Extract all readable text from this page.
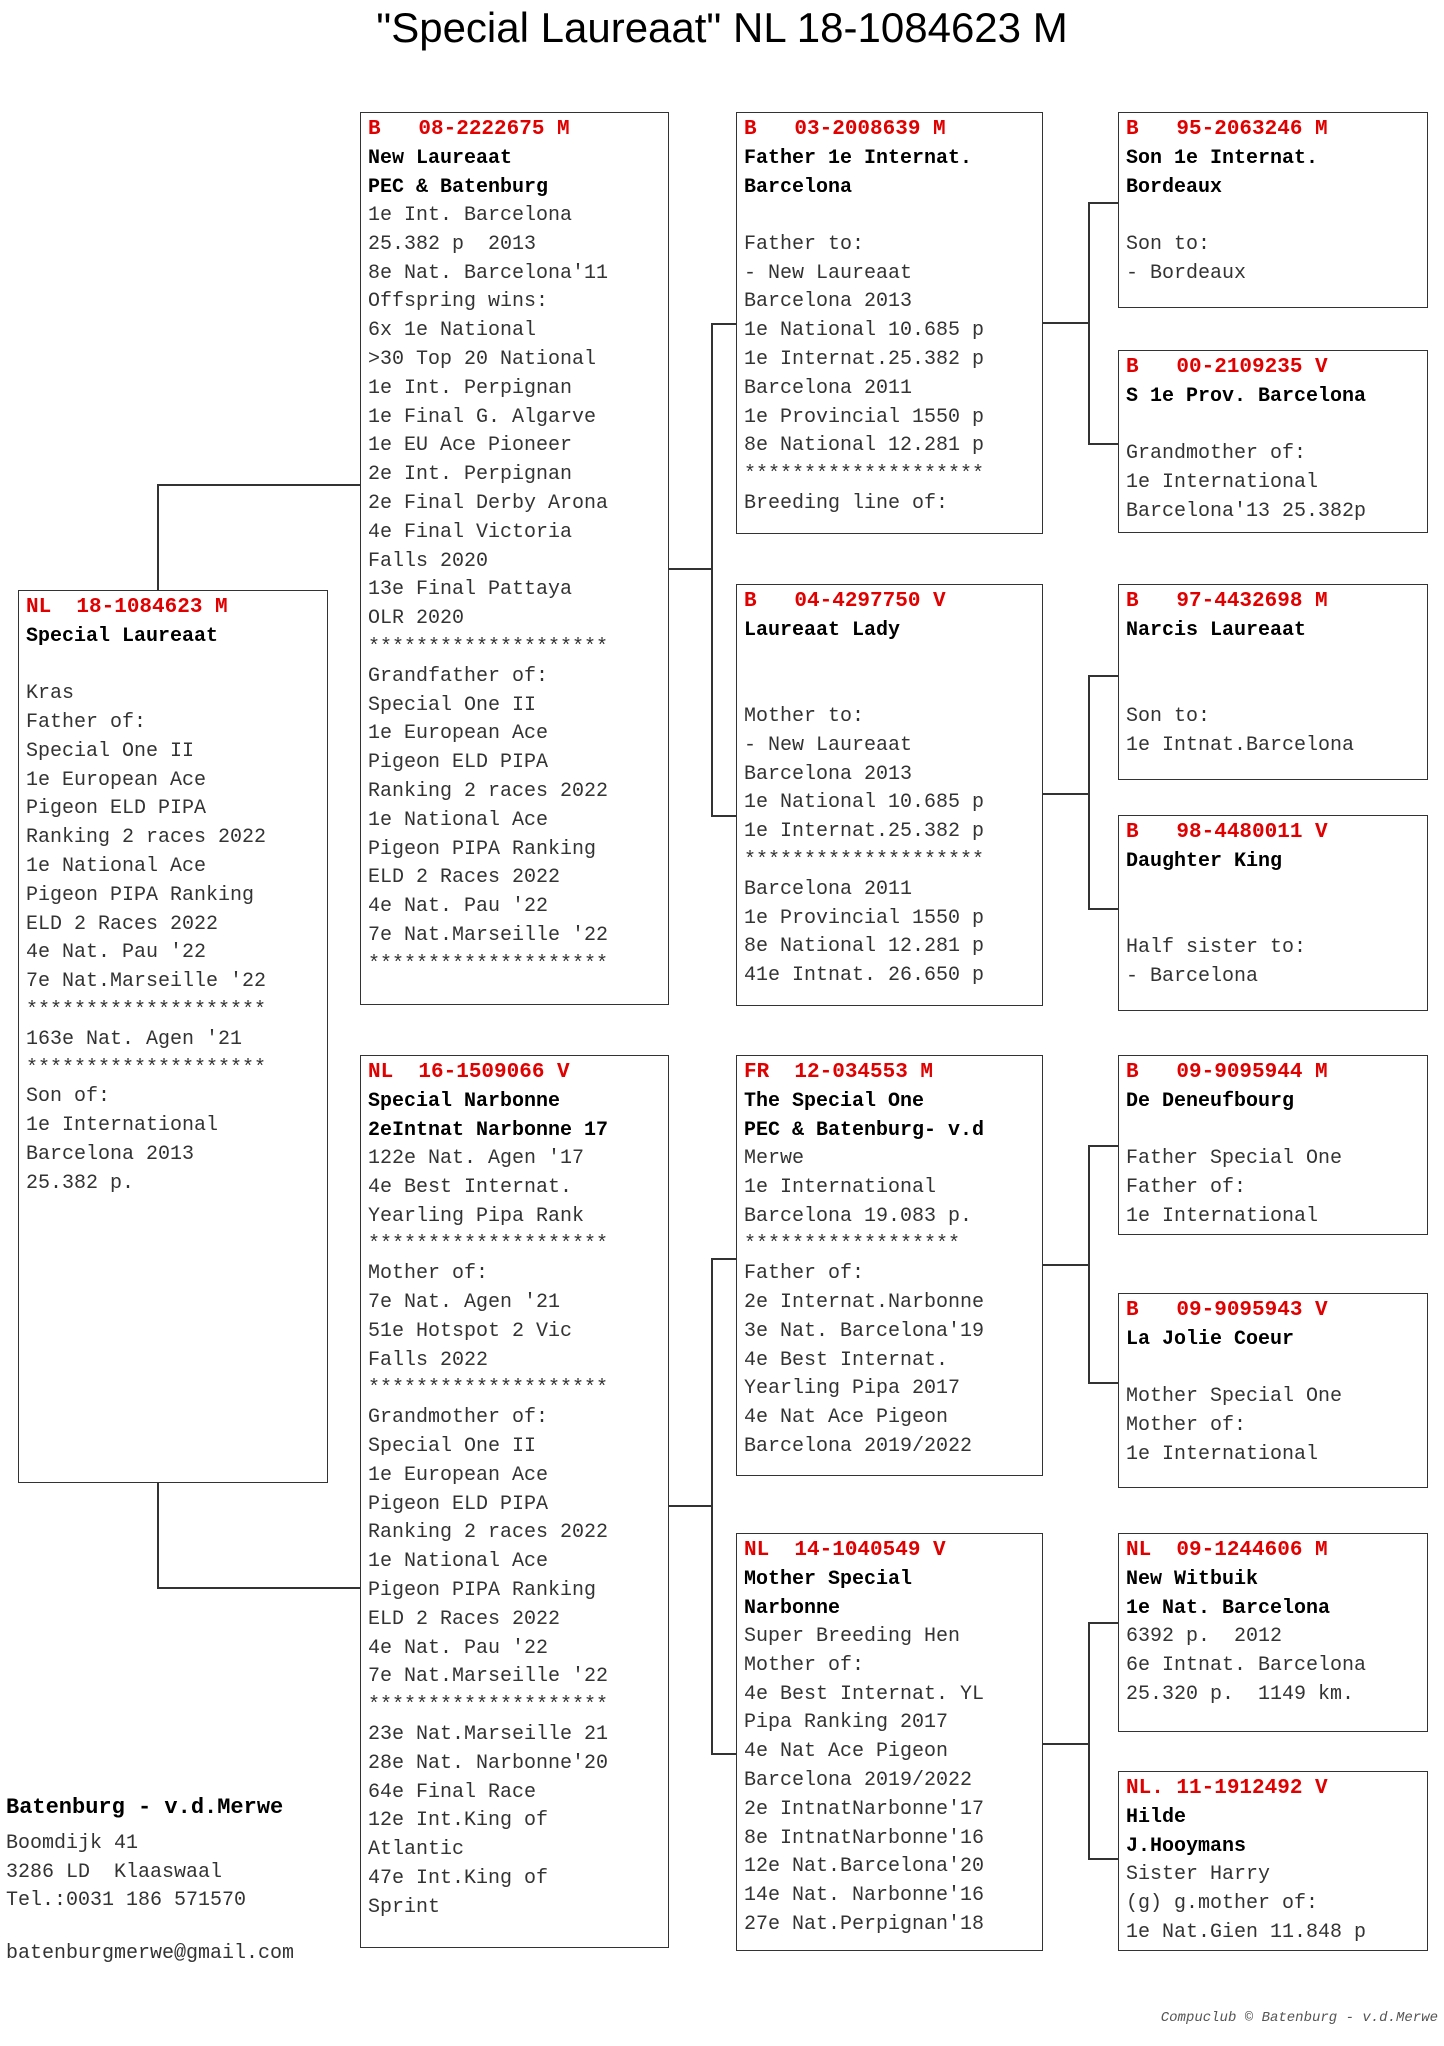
"Special Laureaat" NL 18-1084623 M
NL  18-1084623 M
Special Laureaat
Kras
Father of:
Special One II
1e European Ace
Pigeon ELD PIPA
Ranking 2 races 2022
1e National Ace
Pigeon PIPA Ranking
ELD 2 Races 2022
4e Nat. Pau '22
7e Nat.Marseille '22
********************
163e Nat. Agen '21
********************
Son of:
1e International
Barcelona 2013
25.382 p.
B   08-2222675 M
New Laureaat
PEC & Batenburg
1e Int. Barcelona
25.382 p  2013
8e Nat. Barcelona'11
Offspring wins:
6x 1e National
>30 Top 20 National
1e Int. Perpignan
1e Final G. Algarve
1e EU Ace Pioneer
2e Int. Perpignan
2e Final Derby Arona
4e Final Victoria
Falls 2020
13e Final Pattaya
OLR 2020
********************
Grandfather of:
Special One II
1e European Ace
Pigeon ELD PIPA
Ranking 2 races 2022
1e National Ace
Pigeon PIPA Ranking
ELD 2 Races 2022
4e Nat. Pau '22
7e Nat.Marseille '22
********************
NL  16-1509066 V
Special Narbonne
2eIntnat Narbonne 17
122e Nat. Agen '17
4e Best Internat.
Yearling Pipa Rank
********************
Mother of:
7e Nat. Agen '21
51e Hotspot 2 Vic
Falls 2022
********************
Grandmother of:
Special One II
1e European Ace
Pigeon ELD PIPA
Ranking 2 races 2022
1e National Ace
Pigeon PIPA Ranking
ELD 2 Races 2022
4e Nat. Pau '22
7e Nat.Marseille '22
********************
23e Nat.Marseille 21
28e Nat. Narbonne'20
64e Final Race
12e Int.King of
Atlantic
47e Int.King of
Sprint
B   03-2008639 M
Father 1e Internat.
Barcelona
Father to:
- New Laureaat
Barcelona 2013
1e National 10.685 p
1e Internat.25.382 p
Barcelona 2011
1e Provincial 1550 p
8e National 12.281 p
********************
Breeding line of:
B   04-4297750 V
Laureaat Lady
Mother to:
- New Laureaat
Barcelona 2013
1e National 10.685 p
1e Internat.25.382 p
********************
Barcelona 2011
1e Provincial 1550 p
8e National 12.281 p
41e Intnat. 26.650 p
FR  12-034553 M
The Special One
PEC & Batenburg- v.d
Merwe
1e International
Barcelona 19.083 p.
******************
Father of:
2e Internat.Narbonne
3e Nat. Barcelona'19
4e Best Internat.
Yearling Pipa 2017
4e Nat Ace Pigeon
Barcelona 2019/2022
NL  14-1040549 V
Mother Special
Narbonne
Super Breeding Hen
Mother of:
4e Best Internat. YL
Pipa Ranking 2017
4e Nat Ace Pigeon
Barcelona 2019/2022
2e IntnatNarbonne'17
8e IntnatNarbonne'16
12e Nat.Barcelona'20
14e Nat. Narbonne'16
27e Nat.Perpignan'18
B   95-2063246 M
Son 1e Internat.
Bordeaux
Son to:
- Bordeaux
B   00-2109235 V
S 1e Prov. Barcelona
Grandmother of:
1e International
Barcelona'13 25.382p
B   97-4432698 M
Narcis Laureaat
Son to:
1e Intnat.Barcelona
B   98-4480011 V
Daughter King
Half sister to:
- Barcelona
B   09-9095944 M
De Deneufbourg
Father Special One
Father of:
1e International
B   09-9095943 V
La Jolie Coeur
Mother Special One
Mother of:
1e International
NL  09-1244606 M
New Witbuik
1e Nat. Barcelona
6392 p.  2012
6e Intnat. Barcelona
25.320 p.  1149 km.
NL. 11-1912492 V
Hilde
J.Hooymans
Sister Harry
(g) g.mother of:
1e Nat.Gien 11.848 p
Batenburg - v.d.Merwe
Boomdijk 41
3286 LD  Klaaswaal
Tel.:0031 186 571570
batenburgmerwe@gmail.com
Compuclub © Batenburg - v.d.Merwe
